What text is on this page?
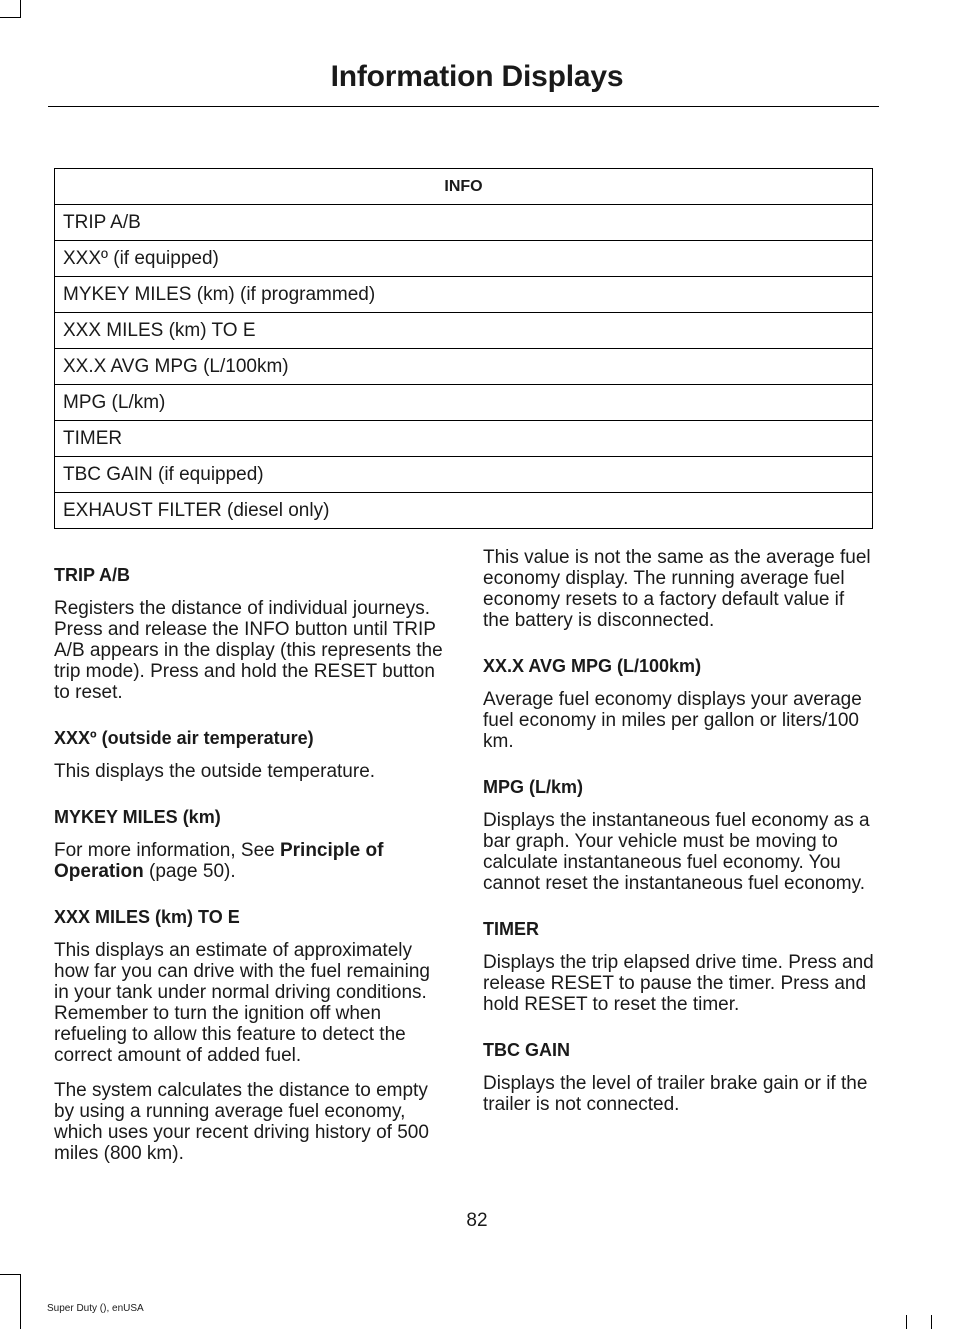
Information Displays
INFO
TRIP A/B
XXXº (if equipped)
MYKEY MILES (km) (if programmed)
XXX MILES (km) TO E
XX.X AVG MPG (L/100km)
MPG (L/km)
TIMER
TBC GAIN (if equipped)
EXHAUST FILTER (diesel only)
TRIP A/B

Registers the distance of individual journeys. Press and release the INFO button until TRIP A/B appears in the display (this represents the trip mode). Press and hold the RESET button to reset.

XXXº (outside air temperature)

This displays the outside temperature.

MYKEY MILES (km)

For more information, See Principle of Operation (page 50).

XXX MILES (km) TO E

This displays an estimate of approximately how far you can drive with the fuel remaining in your tank under normal driving conditions. Remember to turn the ignition off when refueling to allow this feature to detect the correct amount of added fuel.

The system calculates the distance to empty by using a running average fuel economy, which uses your recent driving history of 500 miles (800 km).

This value is not the same as the average fuel economy display. The running average fuel economy resets to a factory default value if the battery is disconnected.

XX.X AVG MPG (L/100km)

Average fuel economy displays your average fuel economy in miles per gallon or liters/100 km.

MPG (L/km)

Displays the instantaneous fuel economy as a bar graph. Your vehicle must be moving to calculate instantaneous fuel economy. You cannot reset the instantaneous fuel economy.

TIMER

Displays the trip elapsed drive time. Press and release RESET to pause the timer. Press and hold RESET to reset the timer.

TBC GAIN

Displays the level of trailer brake gain or if the trailer is not connected.

82
Super Duty (), enUSA
